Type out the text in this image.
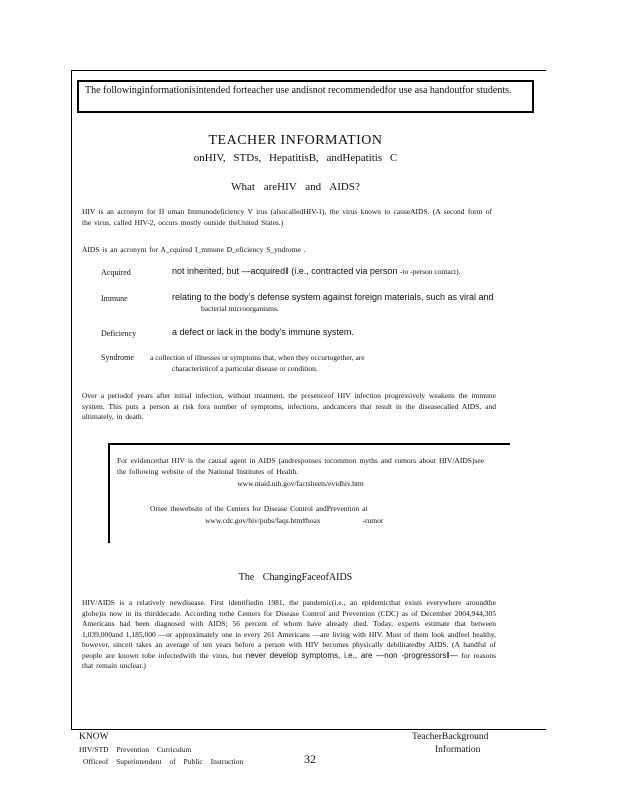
The followinginformationisintended forteacher use andisnot recommendedfor use asa handoutfor students.
TEACHER INFORMATION
onHIV, STDs, HepatitisB, andHepatitis C
What areHIV and AIDS?
HIV is an acronym for H uman Immunodeficiency V irus (alsocalledHIV-1), the virus known to causeAIDS. (A second form of the virus, called HIV-2, occurs mostly outside theUnited States.)
AIDS is an acronym for A_cquired I_mmune D_eficiency S_yndrome .
Acquired	not inherited, but —acquired‖ (i.e., contracted via person -to -person contact).
Immune	relating to the body’s defense system against foreign materials, such as viral and
bacterial microorganisms.
Deficiency	a defect or lack in the body’s immune system.
Syndrome a collection of illnesses or symptoms that, when they occurtogether, are
characteristicof a particular disease or condition.
Over a periodof years after initial infection, without treatment, the presenceof HIV infection progressively weakens the immune system. This puts a person at risk fora number of symptoms, infections, andcancers that result in the diseasecalled AIDS, and ultimately, in death.
For evidencethat HIV is the causal agent in AIDS (andresponses tocommon myths and rumors about HIV/AIDS)see the following website of the National Institutes of Health.
www.niaid.nih.gov/factsheets/evidhiv.htm
Orsee thewebsite of the Centers for Disease Control andPrevention at
www.cdc.gov/hiv/pubs/faqs.htm#hoax	-rumor
The ChangingFaceofAIDS
HIV/AIDS is a relatively newdisease. First identifiedin 1981, the pandemic(i.e., an epidemicthat exists everywhere aroundthe globe)is now in its thirddecade. According tothe Centers for Disease Control and Prevention (CDC) as of December 2004,944,305 Americans had been diagnosed with AIDS; 56 percent of whom have already died. Today, experts estimate that between 1,039,000and 1,185,000 —or approximately one in every 261 Americans —are living with HIV. Most of them look andfeel healthy, however, sinceit takes an average of ten years before a person with HIV becomes physically debilitatedby AIDS. (A handful of people are known tobe infectedwith the virus, but never develop symptoms, i.e., are —non -progressors‖— for reasons that remain unclear.)
KNOW
HIV/STD Prevention Curriculum
Officeof Superintendent of Public Instruction	32
TeacherBackground
Information
